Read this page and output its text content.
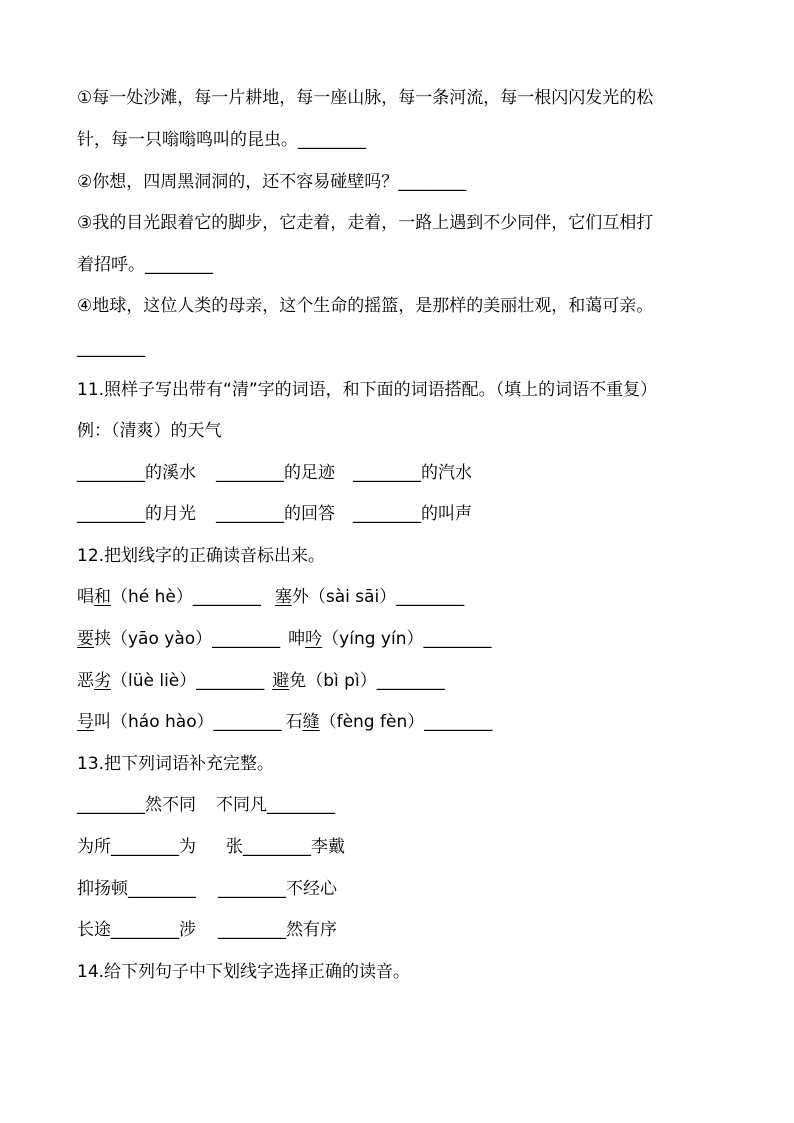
①每一处沙滩，每一片耕地，每一座山脉，每一条河流，每一根闪闪发光的松
针，每一只嗡嗡鸣叫的昆虫。________
②你想，四周黑洞洞的，还不容易碰壁吗？________
③我的目光跟着它的脚步，它走着，走着，一路上遇到不少同伴，它们互相打
着招呼。________
④地球，这位人类的母亲，这个生命的摇篮，是那样的美丽壮观，和蔼可亲。
________
11.照样子写出带有“清”字的词语，和下面的词语搭配。（填上的词语不重复）
例：（清爽）的天气
________的溪水 ________的足迹 ________的汽水
________的月光 ________的回答 ________的叫声
12.把划线字的正确读音标出来。
唱和（hé hè）________ 塞外（sài sāi）________
要挟（yāo yào）________ 呻吟（yíng yín）________
恶劣（lüè liè）________ 避免（bì pì）________
号叫（háo hào）________ 石缝（fèng fèn）________
13.把下列词语补充完整。
________然不同 不同凡________
为所________为 张________李戴
抑扬顿________ ________不经心
长途________涉 ________然有序
14.给下列句子中下划线字选择正确的读音。
